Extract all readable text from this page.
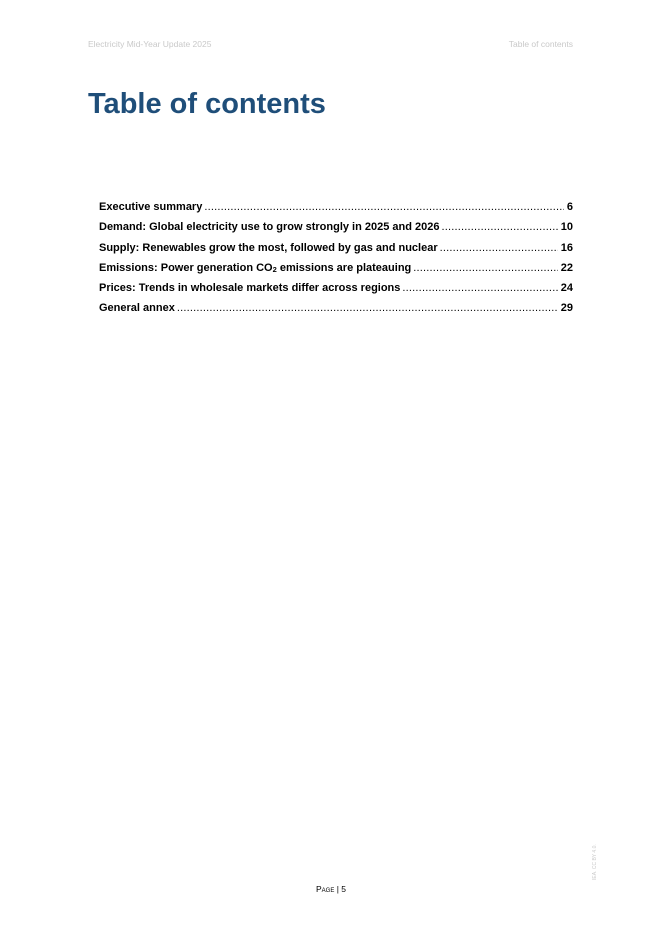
Electricity Mid-Year Update 2025	Table of contents
Table of contents
Executive summary .....	6
Demand: Global electricity use to grow strongly in 2025 and 2026 .....	10
Supply: Renewables grow the most, followed by gas and nuclear .....	16
Emissions: Power generation $CO_2$ emissions are plateauing .....	22
Prices: Trends in wholesale markets differ across regions .....	24
General annex .....	29
IEA. CC BY 4.0.
Page | 5
